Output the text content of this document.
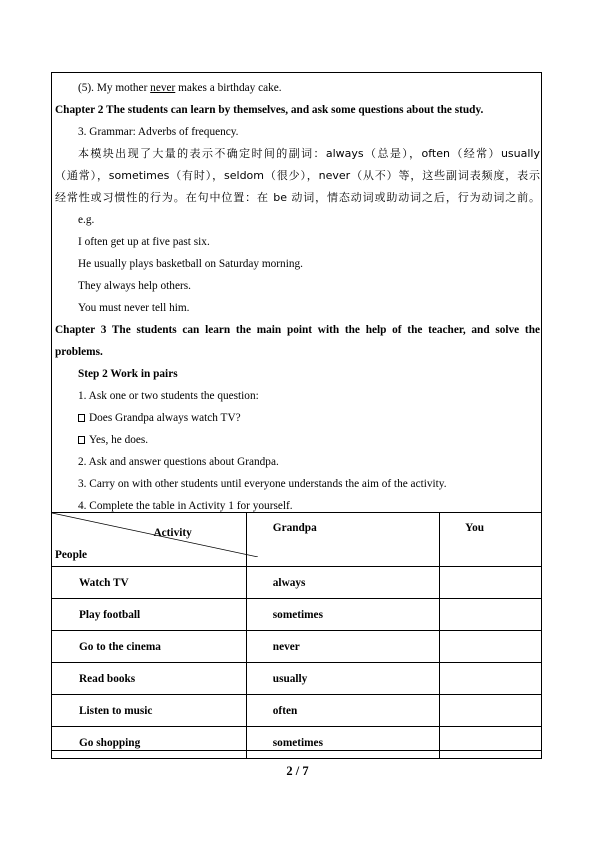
(5). My mother never makes a birthday cake.
Chapter 2 The students can learn by themselves, and ask some questions about the study.
3. Grammar: Adverbs of frequency.
本模块出现了大量的表示不确定时间的副词：always（总是），often（经常）usually
（通常），sometimes（有时），seldom（很少），never（从不）等，这些副词表频度，表示
经常性或习惯性的行为。在句中位置：在 be 动词，情态动词或助动词之后，行为动词之前。
e.g.
I often get up at five past six.
He usually plays basketball on Saturday morning.
They always help others.
You must never tell him.
Chapter 3 The students can learn the main point with the help of the teacher, and solve the
problems.
Step 2 Work in pairs
1. Ask one or two students the question:
Does Grandpa always watch TV?
Yes, he does.
2. Ask and answer questions about Grandpa.
3. Carry on with other students until everyone understands the aim of the activity.
4. Complete the table in Activity 1 for yourself.
Activity
People	Grandpa	You
Watch TV	always	
Play football	sometimes	
Go to the cinema	never	
Read books	usually	
Listen to music	often	
Go shopping	sometimes	
2 / 7
